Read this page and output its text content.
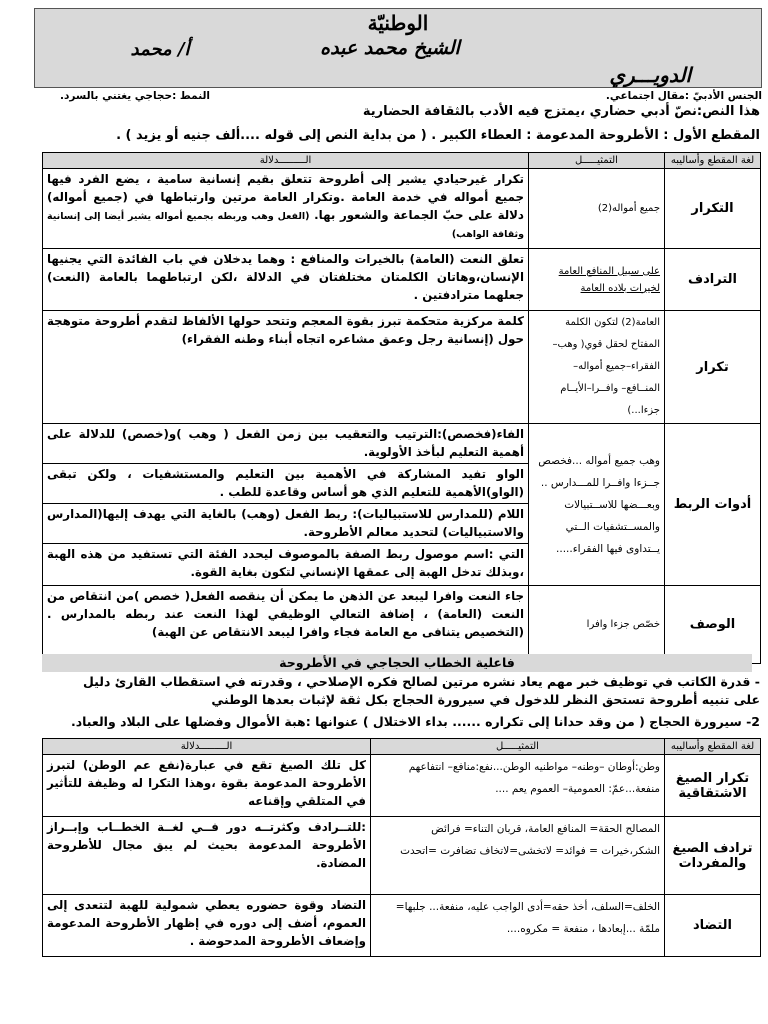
الوطنيّة
الشيخ محمد عبده
أ/ محمد
الدويـــري
الجنس الأدبيّ :مقال اجتماعي.
النمط :حجاجي يغتني بالسرد.
هذا النص:نصّ أدبي حضاري ،يمتزج فيه الأدب بالثقافة الحضارية
المقطع الأول : الأطروحة المدعومة : العطاء الكبير . ( من بداية النص إلى قوله ....ألف جنيه أو يزيد ) .
لغة المقطع وأساليبه	التمثيـــــل	الـــــــــدلالة
التكرار	جميع أمواله(2)	تكرار غيرحيادي يشير إلى أطروحة تتعلق بقيم إنسانية سامية ، يضع الفرد فيها جميع أمواله في خدمة العامة .وتكرار العامة مرتين وارتباطها في (جميع أمواله) دلالة على حبّ الجماعة والشعور بها. (الفعل وهب وربطه بجميع أمواله يشير أيضا إلى إنسانية وثقافة الواهب)
الترادف	على سبيل المنافع العامة لخيرات بلاده العامة	تعلق النعت (العامة) بالخيرات والمنافع : وهما يدخلان في باب الفائدة التي يجنيها الإنسان،وهاتان الكلمتان مختلفتان في الدلالة ،لكن ارتباطهما بالعامة (النعت) جعلهما مترادفتين .
تكرار	العامة(2) لتكون الكلمة المفتاح لحقل قوي( وهب–الفقراء–جميع أمواله– المنــافع– وافــرا–الأيــام جزءا...)	كلمة مركزية متحكمة تبرز بقوة المعجم وتتحد حولها الألفاظ لتقدم أطروحة متوهجة حول (إنسانية رجل وعمق مشاعره اتجاه أبناء وطنه الفقراء)
أدوات الربط	وهب جميع أمواله ...فخصص جــزءا وافــرا للمـــدارس .. وبعـــضها للاســتبيالات والمســتشفيات الــتي يــتداوى فيها الفقراء.....	الفاء(فخصص):الترتيب والتعقيب بين زمن الفعل ( وهب )و(خصص) للدلالة على أهمية التعليم لبأخذ الأولوية.
		الواو تفيد المشاركة في الأهمية بين التعليم والمستشفيات ، ولكن تبقى (الواو)الأهمية للتعليم الذي هو أساس وقاعدة للطب .
		اللام (للمدارس للاستبياليات): ربط الفعل (وهب) بالغاية التي يهدف إليها(المدارس والاستبياليات) لتحديد معالم الأطروحة.
		التي :اسم موصول ربط الصفة بالموصوف ليحدد الفئة التي تستفيد من هذه الهبة ،وبذلك تدخل الهبة إلى عمقها الإنساني لتكون بغاية القوة.
الوصف	خصّص جزءا وافرا	جاء النعت وافرا ليبعد عن الذهن ما يمكن أن ينقصه الفعل( خصص )من انتقاص من النعت (العامة) ، إضافة التعالي الوظيفي لهذا النعت عند ربطه بالمدارس .(التخصيص يتنافى مع العامة فجاء وافرا ليبعد الانتقاص عن الهبة)
فاعلية الخطاب الحجاجي في الأطروحة
- قدرة الكاتب في توظيف خبر مهم يعاد نشره مرتين لصالح فكره الإصلاحي ، وقدرته في استقطاب القارئ دليل
على تنبيه أطروحة تستحق النظر للدخول في سيرورة الحجاج بكل ثقة لإثبات بعدها الوطني
2- سيرورة الحجاج ( من وقد حدانا إلى تكراره ...... بداء الاختلال ) عنوانها :هبة الأموال وفضلها على البلاد والعباد.
لغة المقطع وأساليبه	التمثيـــــل	الـــــــــدلالة
تكرار الصيغ الاشتقاقية	وطن:أوطان –وطنه– مواطنيه الوطن...نفع:منافع– انتفاعهم منفعة...عمّ: العمومية– العموم يعم ....	كل تلك الصيغ تقع في عبارة(نفع عم الوطن) لتبرز الأطروحة المدعومة بقوة ،وهذا التكرا له وظيفة للتأثير في المتلقي وإقناعه
ترادف الصيغ والمفردات	المصالح الحقة= المنافع العامة، قربان التناء= فرائض الشكر،خيرات = فوائد= لاتخشى=لاتخاف تضافرت =اتحدت	:للتــرادف وكثرتــه دور فــي لغــة الخطــاب وإبــراز الأطروحة المدعومة بحيث لم يبق مجال للأطروحة المضادة.
التضاد	الخلف=السلف، أخذ حقه=أدى الواجب عليه، منفعة... جلبها= ملمّة ...إبعادها ، منفعة = مكروه....	التضاد وقوة حضوره يعطي شمولية للهبة لتتعدى إلى العموم، أضف إلى دوره في إظهار الأطروحة المدعومة وإضعاف الأطروحة المدحوضة .
